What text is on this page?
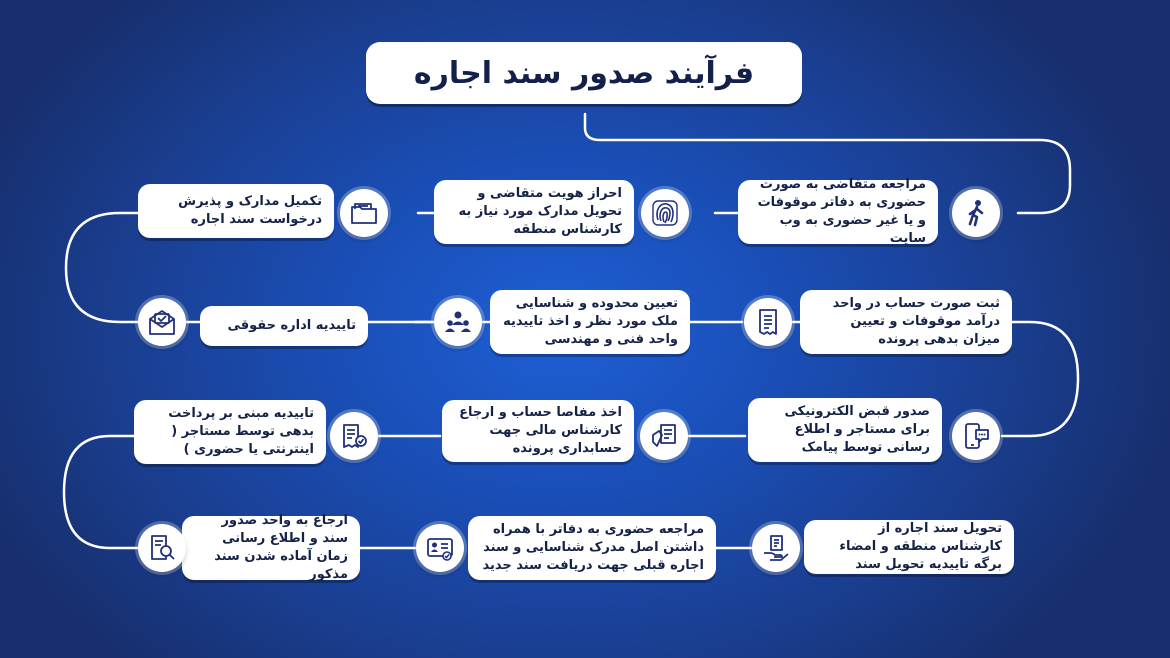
فرآیند صدور سند اجاره
مراجعه متقاضی به صورت حضوری به دفاتر موقوفات و یا غیر حضوری به وب سایت
احراز هویت متقاضی و تحویل مدارک مورد نیاز به کارشناس منطقه
تکمیل مدارک و پذیرش درخواست سند اجاره
ثبت صورت حساب در واحد درآمد موقوفات و تعیین میزان بدهی پرونده
تعیین محدوده و شناسایی ملک مورد نظر و اخذ تاییدیه واحد فنی و مهندسی
تاییدیه اداره حقوقی
صدور قبض الکترونیکی برای مستاجر و اطلاع رسانی توسط پیامک
اخذ مفاصا حساب و ارجاع کارشناس مالی جهت حسابداری پرونده
تاییدیه مبنی بر پرداخت بدهی توسط مستاجر ( اینترنتی یا حضوری )
تحویل سند اجاره از کارشناس منطقه و امضاء برگه تاییدیه تحویل سند
مراجعه حضوری به دفاتر با همراه داشتن اصل مدرک شناسایی و سند اجاره قبلی جهت دریافت سند جدید
ارجاع به واحد صدور سند و اطلاع رسانی زمان آماده شدن سند مذکور
